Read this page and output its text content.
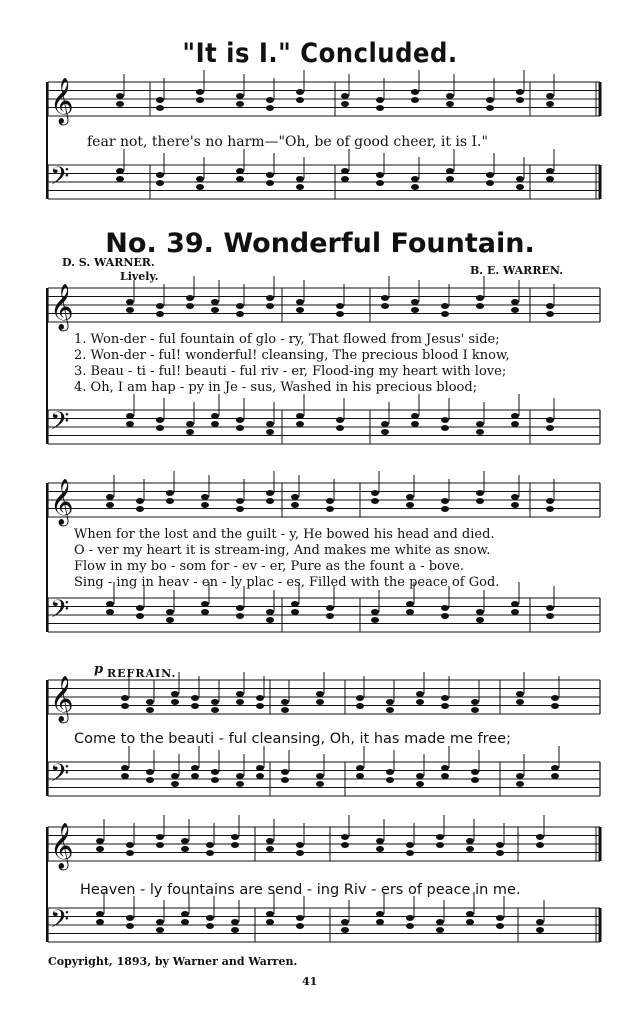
𝄞
𝄢
𝄞
𝄢
𝄞
𝄢
𝄞
𝄢
𝄞
𝄢
"It is I." Concluded.
No. 39. Wonderful Fountain.
D. S. WARNER.
B. E. WARREN.
Lively.
REFRAIN.
p
fear not, there's no harm—"Oh, be of good cheer, it is I."
1. Won-der - ful fountain of glo - ry, That flowed from Jesus' side;
2. Won-der - ful! wonderful! cleansing, The precious blood I know,
3. Beau - ti - ful! beauti - ful riv - er, Flood-ing my heart with love;
4. Oh, I am hap - py in Je - sus, Washed in his precious blood;
When for the lost and the guilt - y, He bowed his head and died.
O - ver my heart it is stream-ing, And makes me white as snow.
Flow in my bo - som for - ev - er, Pure as the fount a - bove.
Sing - ing in heav - en - ly plac - es, Filled with the peace of God.
Come to the beauti - ful cleansing, Oh, it has made me free;
Heaven - ly fountains are send - ing Riv - ers of peace in me.
Copyright, 1893, by Warner and Warren.
41
